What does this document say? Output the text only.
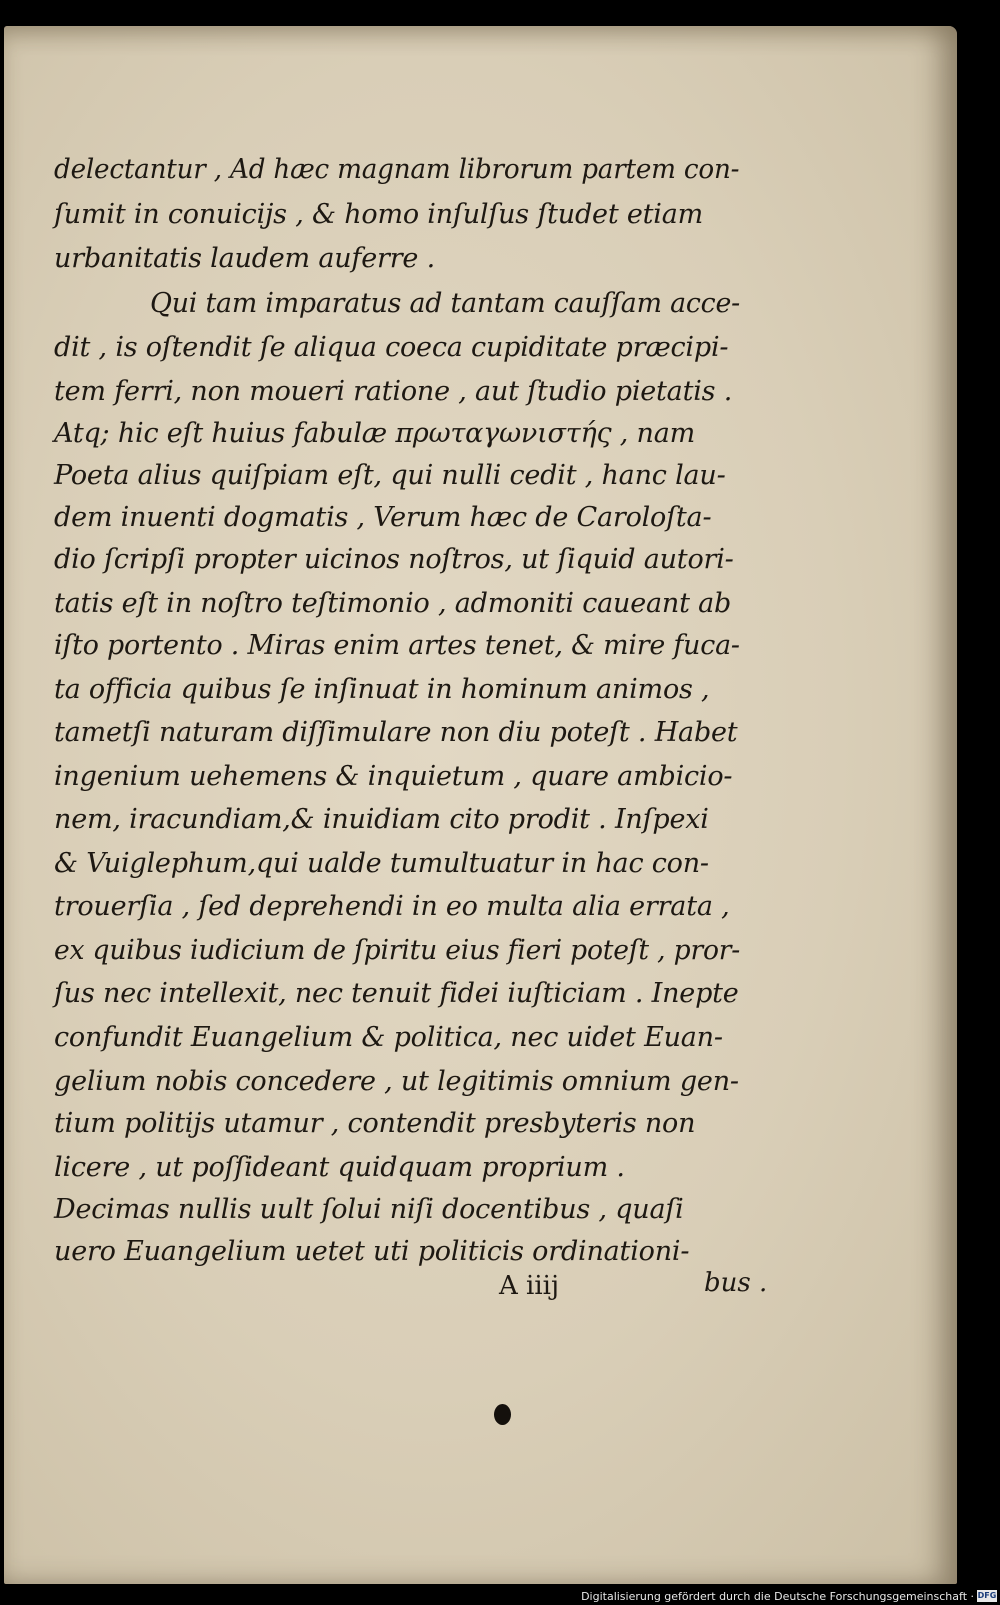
delectantur , Ad hæc magnam librorum partem con-
ſumit in conuicijs , & homo inſulſus ſtudet etiam
urbanitatis laudem auferre .
Qui tam imparatus ad tantam cauſſam acce-
dit , is oſtendit ſe aliqua coeca cupiditate præcipi-
tem ferri, non moueri ratione , aut ſtudio pietatis .
Atq; hic eſt huius fabulæ πρωταγωνιστής , nam
Poeta alius quiſpiam eſt, qui nulli cedit , hanc lau-
dem inuenti dogmatis , Verum hæc de Caroloſta-
dio ſcripſi propter uicinos noſtros, ut ſiquid autori-
tatis eſt in noſtro teſtimonio , admoniti caueant ab
iſto portento . Miras enim artes tenet, & mire fuca-
ta officia quibus ſe inſinuat in hominum animos ,
tametſi naturam diſſimulare non diu poteſt . Habet
ingenium uehemens & inquietum , quare ambicio-
nem, iracundiam,& inuidiam cito prodit . Inſpexi
& Vuiglephum,qui ualde tumultuatur in hac con-
trouerſia , ſed deprehendi in eo multa alia errata ,
ex quibus iudicium de ſpiritu eius fieri poteſt , pror-
ſus nec intellexit, nec tenuit fidei iuſticiam . Inepte
confundit Euangelium & politica, nec uidet Euan-
gelium nobis concedere , ut legitimis omnium gen-
tium politijs utamur , contendit presbyteris non
licere , ut poſſideant quidquam proprium .
Decimas nullis uult ſolui niſi docentibus , quaſi
uero Euangelium uetet uti politicis ordinationi-
A iiij	bus .
Digitalisierung gefördert durch die Deutsche Forschungsgemeinschaft · DFG
